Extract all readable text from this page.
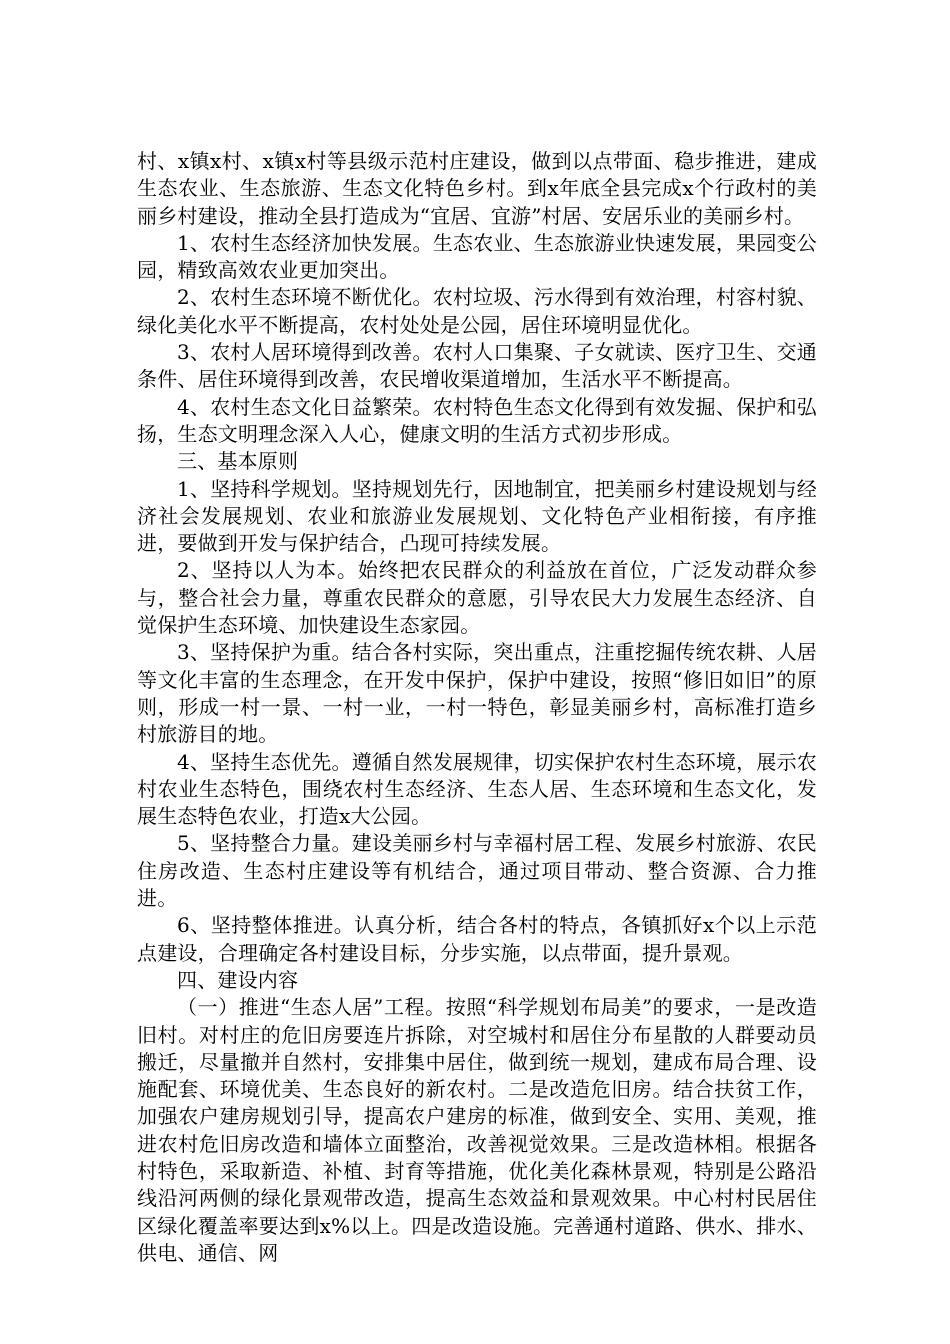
村、x镇x村、x镇x村等县级示范村庄建设，做到以点带面、稳步推进，建成生态农业、生态旅游、生态文化特色乡村。到x年底全县完成x个行政村的美丽乡村建设，推动全县打造成为“宜居、宜游”村居、安居乐业的美丽乡村。

1、农村生态经济加快发展。生态农业、生态旅游业快速发展，果园变公园，精致高效农业更加突出。

2、农村生态环境不断优化。农村垃圾、污水得到有效治理，村容村貌、绿化美化水平不断提高，农村处处是公园，居住环境明显优化。

3、农村人居环境得到改善。农村人口集聚、子女就读、医疗卫生、交通条件、居住环境得到改善，农民增收渠道增加，生活水平不断提高。

4、农村生态文化日益繁荣。农村特色生态文化得到有效发掘、保护和弘扬，生态文明理念深入人心，健康文明的生活方式初步形成。

三、基本原则

1、坚持科学规划。坚持规划先行，因地制宜，把美丽乡村建设规划与经济社会发展规划、农业和旅游业发展规划、文化特色产业相衔接，有序推进，要做到开发与保护结合，凸现可持续发展。

2、坚持以人为本。始终把农民群众的利益放在首位，广泛发动群众参与，整合社会力量，尊重农民群众的意愿，引导农民大力发展生态经济、自觉保护生态环境、加快建设生态家园。

3、坚持保护为重。结合各村实际，突出重点，注重挖掘传统农耕、人居等文化丰富的生态理念，在开发中保护，保护中建设，按照“修旧如旧”的原则，形成一村一景、一村一业，一村一特色，彰显美丽乡村，高标准打造乡村旅游目的地。

4、坚持生态优先。遵循自然发展规律，切实保护农村生态环境，展示农村农业生态特色，围绕农村生态经济、生态人居、生态环境和生态文化，发展生态特色农业，打造x大公园。

5、坚持整合力量。建设美丽乡村与幸福村居工程、发展乡村旅游、农民住房改造、生态村庄建设等有机结合，通过项目带动、整合资源、合力推进。

6、坚持整体推进。认真分析，结合各村的特点，各镇抓好x个以上示范点建设，合理确定各村建设目标，分步实施，以点带面，提升景观。

四、建设内容

（一）推进“生态人居”工程。按照“科学规划布局美”的要求，一是改造旧村。对村庄的危旧房要连片拆除，对空城村和居住分布星散的人群要动员搬迁，尽量撤并自然村，安排集中居住，做到统一规划，建成布局合理、设施配套、环境优美、生态良好的新农村。二是改造危旧房。结合扶贫工作，加强农户建房规划引导，提高农户建房的标准，做到安全、实用、美观，推进农村危旧房改造和墙体立面整治，改善视觉效果。三是改造林相。根据各村特色，采取新造、补植、封育等措施，优化美化森林景观，特别是公路沿线沿河两侧的绿化景观带改造，提高生态效益和景观效果。中心村村民居住区绿化覆盖率要达到x%以上。四是改造设施。完善通村道路、供水、排水、供电、通信、网
